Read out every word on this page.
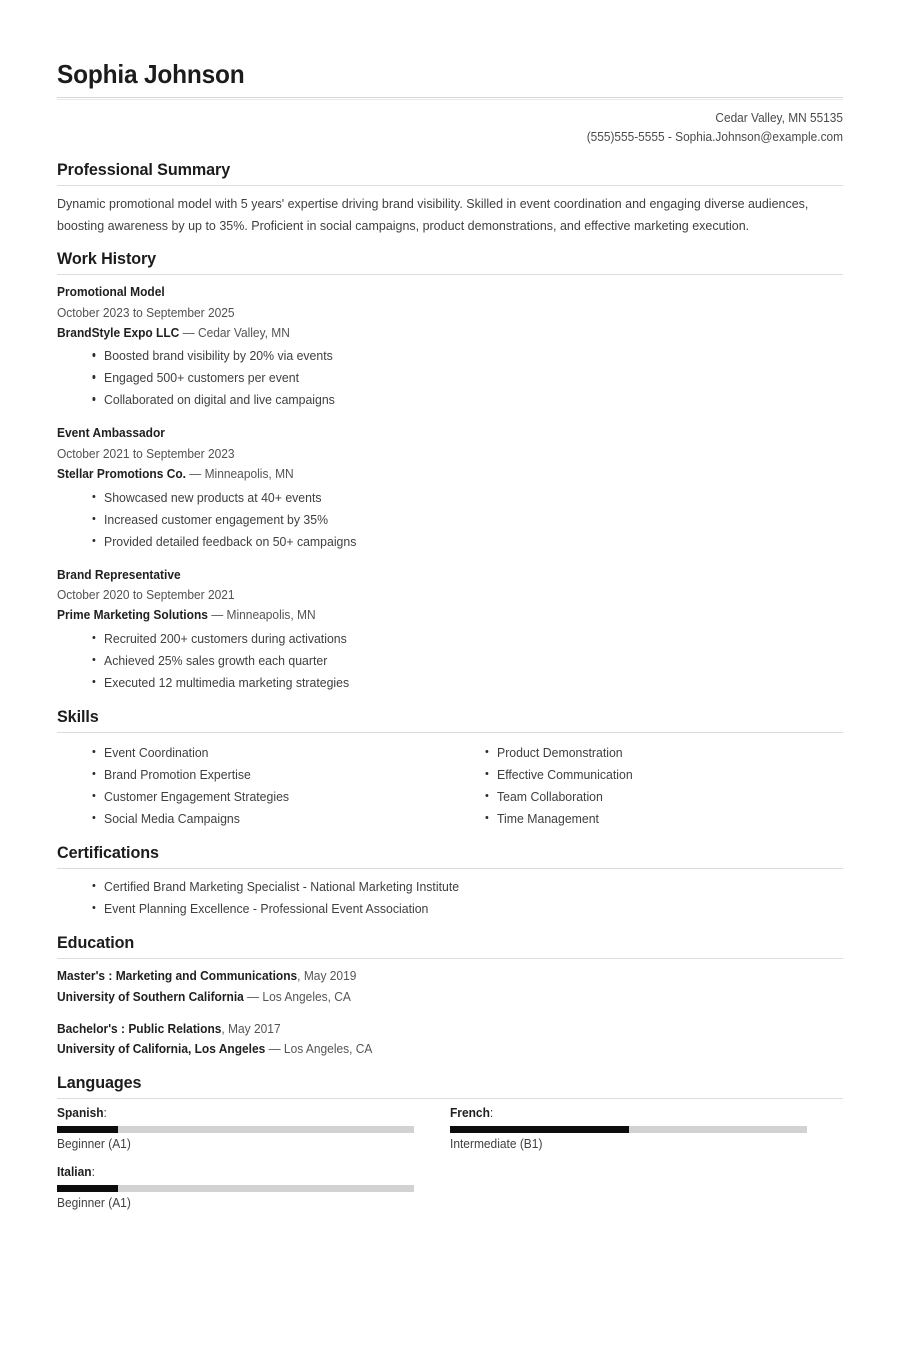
Sophia Johnson
Cedar Valley, MN 55135
(555)555-5555 - Sophia.Johnson@example.com
Professional Summary
Dynamic promotional model with 5 years' expertise driving brand visibility. Skilled in event coordination and engaging diverse audiences, boosting awareness by up to 35%. Proficient in social campaigns, product demonstrations, and effective marketing execution.
Work History
Promotional Model
October 2023 to September 2025
BrandStyle Expo LLC — Cedar Valley, MN
Boosted brand visibility by 20% via events
Engaged 500+ customers per event
Collaborated on digital and live campaigns
Event Ambassador
October 2021 to September 2023
Stellar Promotions Co. — Minneapolis, MN
Showcased new products at 40+ events
Increased customer engagement by 35%
Provided detailed feedback on 50+ campaigns
Brand Representative
October 2020 to September 2021
Prime Marketing Solutions — Minneapolis, MN
Recruited 200+ customers during activations
Achieved 25% sales growth each quarter
Executed 12 multimedia marketing strategies
Skills
Event Coordination
Brand Promotion Expertise
Customer Engagement Strategies
Social Media Campaigns
Product Demonstration
Effective Communication
Team Collaboration
Time Management
Certifications
Certified Brand Marketing Specialist - National Marketing Institute
Event Planning Excellence - Professional Event Association
Education
Master's : Marketing and Communications, May 2019
University of Southern California — Los Angeles, CA
Bachelor's : Public Relations, May 2017
University of California, Los Angeles — Los Angeles, CA
Languages
Spanish:
Beginner (A1)
French:
Intermediate (B1)
Italian:
Beginner (A1)
